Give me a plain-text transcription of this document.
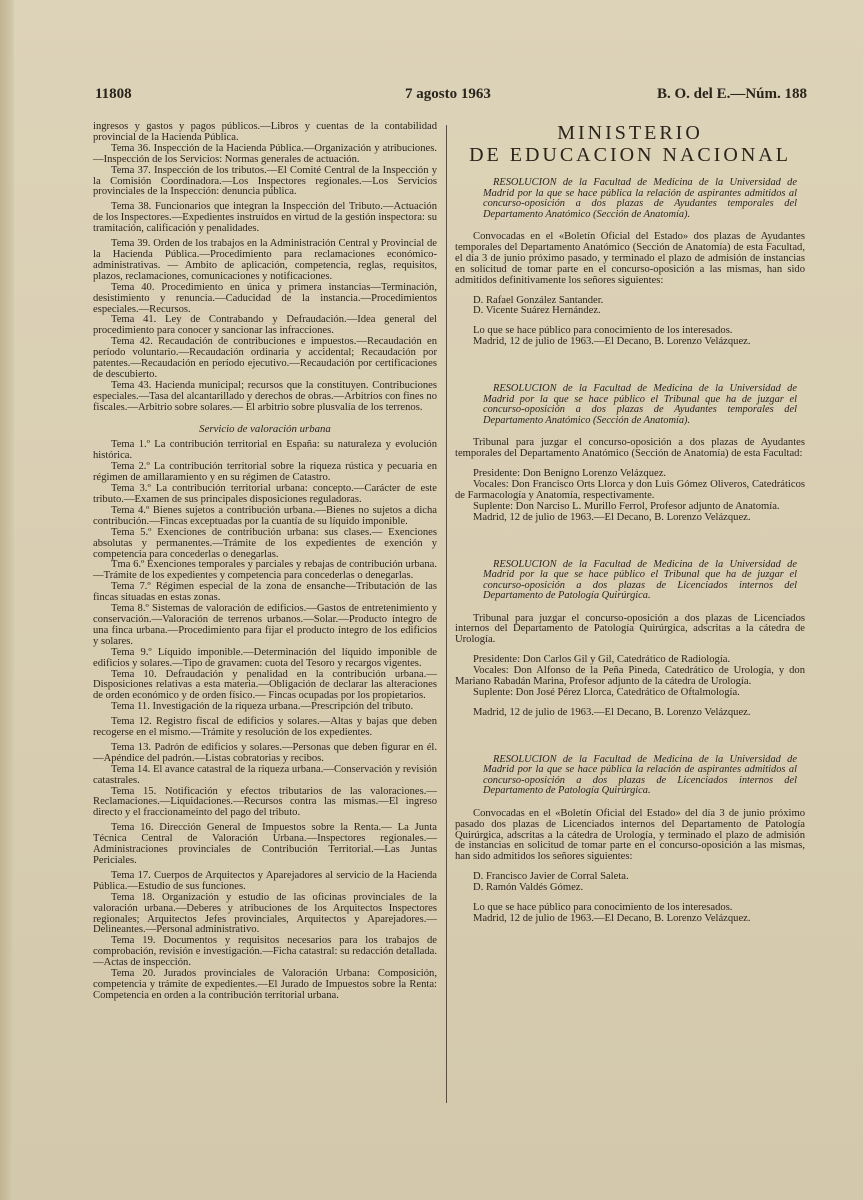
11808	7 agosto 1963	B. O. del E.—Núm. 188

ingresos y gastos y pagos públicos.—Libros y cuentas de la contabilidad provincial de la Hacienda Pública.

Tema 36. Inspección de la Hacienda Pública.—Organización y atribuciones.—Inspección de los Servicios: Normas generales de actuación.

Tema 37. Inspección de los tributos.—El Comité Central de la Inspección y la Comisión Coordinadora.—Los Inspectores regionales.—Los Servicios provinciales de la Inspección: denuncia pública.

Tema 38. Funcionarios que integran la Inspección del Tributo.—Actuación de los Inspectores.—Expedientes instruídos en virtud de la gestión inspectora: su tramitación, calificación y penalidades.

Tema 39. Orden de los trabajos en la Administración Central y Provincial de la Hacienda Pública.—Procedimiento para reclamaciones económico-administrativas. — Ambito de aplicación, competencia, reglas, requisitos, plazos, reclamaciones, comunicaciones y notificaciones.

Tema 40. Procedimiento en única y primera instancias—Terminación, desistimiento y renuncia.—Caducidad de la instancia.—Procedimientos especiales.—Recursos.

Tema 41. Ley de Contrabando y Defraudación.—Idea general del procedimiento para conocer y sancionar las infracciones.

Tema 42. Recaudación de contribuciones e impuestos.—Recaudación en período voluntario.—Recaudación ordinaria y accidental; Recaudación por patentes.—Recaudación en período ejecutivo.—Recaudación por certificaciones de descubierto.

Tema 43. Hacienda municipal; recursos que la constituyen. Contribuciones especiales.—Tasa del alcantarillado y derechos de obras.—Arbitrios con fines no fiscales.—Arbitrio sobre solares.— El arbitrio sobre plusvalía de los terrenos.

Servicio de valoración urbana

Tema 1.º La contribución territorial en España: su naturaleza y evolución histórica.

Tema 2.º La contribución territorial sobre la riqueza rústica y pecuaria en régimen de amillaramiento y en su régimen de Catastro.

Tema 3.º La contribución territorial urbana: concepto.—Carácter de este tributo.—Examen de sus principales disposiciones reguladoras.

Tema 4.º Bienes sujetos a contribución urbana.—Bienes no sujetos a dicha contribución.—Fincas exceptuadas por la cuantía de su líquido imponible.

Tema 5.º Exenciones de contribución urbana: sus clases.— Exenciones absolutas y permanentes.—Trámite de los expedientes de exención y competencia para concederlas o denegarlas.

Tma 6.º Exenciones temporales y parciales y rebajas de contribución urbana.—Trámite de los expedientes y competencia para concederlas o denegarlas.

Tema 7.º Régimen especial de la zona de ensanche—Tributación de las fincas situadas en estas zonas.

Tema 8.º Sistemas de valoración de edificios.—Gastos de entretenimiento y conservación.—Valoración de terrenos urbanos.—Solar.—Producto íntegro de una finca urbana.—Procedimiento para fijar el producto íntegro de los edificios y solares.

Tema 9.º Líquido imponible.—Determinación del líquido imponible de edificios y solares.—Tipo de gravamen: cuota del Tesoro y recargos vigentes.

Tema 10. Defraudación y penalidad en la contribución urbana.—Disposiciones relativas a esta materia.—Obligación de declarar las alteraciones de orden económico y de orden físico.— Fincas ocupadas por los propietarios.

Tema 11. Investigación de la riqueza urbana.—Prescripción del tributo.

Tema 12. Registro fiscal de edificios y solares.—Altas y bajas que deben recogerse en el mismo.—Trámite y resolución de los expedientes.

Tema 13. Padrón de edificios y solares.—Personas que deben figurar en él.—Apéndice del padrón.—Listas cobratorias y recibos.

Tema 14. El avance catastral de la riqueza urbana.—Conservación y revisión catastrales.

Tema 15. Notificación y efectos tributarios de las valoraciones.—Reclamaciones.—Liquidaciones.—Recursos contra las mismas.—El ingreso directo y el fraccionameinto del pago del tributo.

Tema 16. Dirección General de Impuestos sobre la Renta.— La Junta Técnica Central de Valoración Urbana.—Inspectores regionales.—Administraciones provinciales de Contribución Territorial.—Las Juntas Periciales.

Tema 17. Cuerpos de Arquitectos y Aparejadores al servicio de la Hacienda Pública.—Estudio de sus funciones.

Tema 18. Organización y estudio de las oficinas provinciales de la valoración urbana.—Deberes y atribuciones de los Arquitectos Inspectores regionales; Arquitectos Jefes provinciales, Arquitectos y Aparejadores.—Delineantes.—Personal administrativo.

Tema 19. Documentos y requisitos necesarios para los trabajos de comprobación, revisión e investigación.—Ficha catastral: su redacción detallada.—Actas de inspección.

Tema 20. Jurados provinciales de Valoración Urbana: Composición, competencia y trámite de expedientes.—El Jurado de Impuestos sobre la Renta: Competencia en orden a la contribución territorial urbana.

MINISTERIO
DE EDUCACION NACIONAL
RESOLUCION de la Facultad de Medicina de la Universidad de Madrid por la que se hace pública la relación de aspirantes admitidos al concurso-oposición a dos plazas de Ayudantes temporales del Departamento Anatómico (Sección de Anatomía).

Convocadas en el «Boletín Oficial del Estado» dos plazas de Ayudantes temporales del Departamento Anatómico (Sección de Anatomía) de esta Facultad, el día 3 de junio próximo pasado, y terminado el plazo de admisión de instancias en solicitud de tomar parte en el concurso-oposición a las mismas, han sido admitidos definitivamente los señores siguientes:

D. Rafael González Santander.

D. Vicente Suárez Hernández.

Lo que se hace público para conocimiento de los interesados.

Madrid, 12 de julio de 1963.—El Decano, B. Lorenzo Velázquez.

RESOLUCION de la Facultad de Medicina de la Universidad de Madrid por la que se hace público el Tribunal que ha de juzgar el concurso-oposición a dos plazas de Ayudantes temporales del Departamento Anatómico (Sección de Anatomía).

Tribunal para juzgar el concurso-oposición a dos plazas de Ayudantes temporales del Departamento Anatómico (Sección de Anatomía) de esta Facultad:

Presidente: Don Benigno Lorenzo Velázquez.

Vocales: Don Francisco Orts Llorca y don Luis Gómez Oliveros, Catedráticos de Farmacología y Anatomía, respectivamente.

Suplente: Don Narciso L. Murillo Ferrol, Profesor adjunto de Anatomía.

Madrid, 12 de julio de 1963.—El Decano, B. Lorenzo Velázquez.

RESOLUCION de la Facultad de Medicina de la Universidad de Madrid por la que se hace público el Tribunal que ha de juzgar el concurso-oposición a dos plazas de Licenciados internos del Departamento de Patología Quirúrgica.

Tribunal para juzgar el concurso-oposición a dos plazas de Licenciados internos del Departamento de Patología Quirúrgica, adscritas a la cátedra de Urología.

Presidente: Don Carlos Gil y Gil, Catedrático de Radiología.

Vocales: Don Alfonso de la Peña Pineda, Catedrático de Urología, y don Mariano Rabadán Marina, Profesor adjunto de la cátedra de Urología.

Suplente: Don José Pérez Llorca, Catedrático de Oftalmología.

Madrid, 12 de julio de 1963.—El Decano, B. Lorenzo Velázquez.

RESOLUCION de la Facultad de Medicina de la Universidad de Madrid por la que se hace pública la relación de aspirantes admitidos al concurso-oposición a dos plazas de Licenciados internos del Departamento de Patología Quirúrgica.

Convocadas en el «Boletín Oficial del Estado» del día 3 de junio próximo pasado dos plazas de Licenciados internos del Departamento de Patología Quirúrgica, adscritas a la cátedra de Urología, y terminado el plazo de admisión de instancias en solicitud de tomar parte en el concurso-oposición a las mismas, han sido admitidos los señores siguientes:

D. Francisco Javier de Corral Saleta.

D. Ramón Valdés Gómez.

Lo que se hace público para conocimiento de los interesados.

Madrid, 12 de julio de 1963.—El Decano, B. Lorenzo Velázquez.
